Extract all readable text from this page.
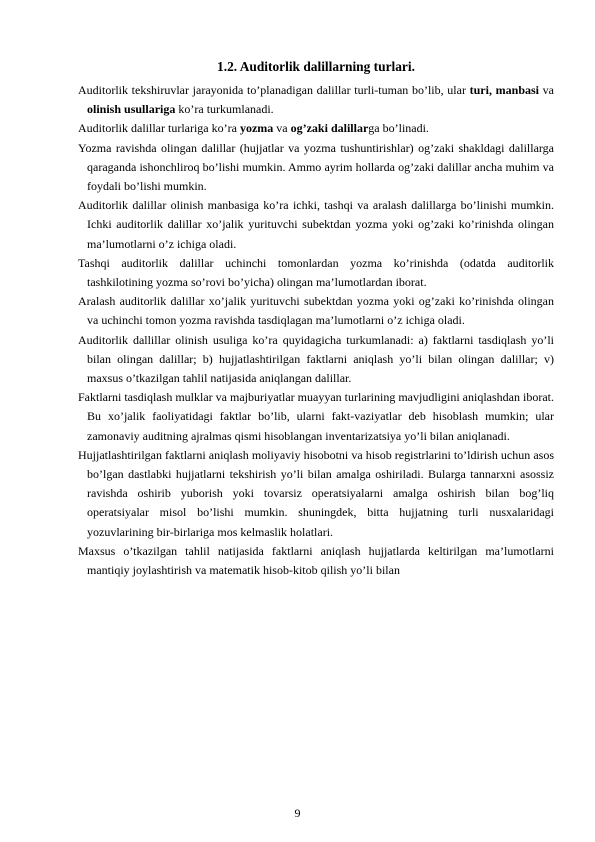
1.2. Auditorlik dalillarning turlari.

Auditorlik tekshiruvlar jarayonida to’planadigan dalillar turli-tuman bo’lib, ular turi, manbasi va olinish usullariga ko’ra turkumlanadi.

Auditorlik dalillar turlariga ko’ra yozma va og’zaki dalillarga bo’linadi.

Yozma ravishda olingan dalillar (hujjatlar va yozma tushuntirishlar) og’zaki shakldagi dalillarga qaraganda ishonchliroq bo’lishi mumkin. Ammo ayrim hollarda og’zaki dalillar ancha muhim va foydali bo’lishi mumkin.

Auditorlik dalillar olinish manbasiga ko’ra ichki, tashqi va aralash dalillarga bo’linishi mumkin. Ichki auditorlik dalillar xo’jalik yurituvchi subektdan yozma yoki og’zaki ko’rinishda olingan ma’lumotlarni o’z ichiga oladi.

Tashqi auditorlik dalillar uchinchi tomonlardan yozma ko’rinishda (odatda auditorlik tashkilotining yozma so’rovi bo’yicha) olingan ma’lumotlardan iborat.

Aralash auditorlik dalillar xo’jalik yurituvchi subektdan yozma yoki og’zaki ko’rinishda olingan va uchinchi tomon yozma ravishda tasdiqlagan ma’lumotlarni o’z ichiga oladi.

Auditorlik dallillar olinish usuliga ko’ra quyidagicha turkumlanadi: a) faktlarni tasdiqlash yo’li bilan olingan dalillar; b) hujjatlashtirilgan faktlarni aniqlash yo’li bilan olingan dalillar; v) maxsus o’tkazilgan tahlil natijasida aniqlangan dalillar.

Faktlarni tasdiqlash mulklar va majburiyatlar muayyan turlarining mavjudligini aniqlashdan iborat. Bu xo’jalik faoliyatidagi faktlar bo’lib, ularni fakt-vaziyatlar deb hisoblash mumkin; ular zamonaviy auditning ajralmas qismi hisoblangan inventarizatsiya yo’li bilan aniqlanadi.

Hujjatlashtirilgan faktlarni aniqlash moliyaviy hisobotni va hisob registrlarini to’ldirish uchun asos bo’lgan dastlabki hujjatlarni tekshirish yo’li bilan amalga oshiriladi. Bularga tannarxni asossiz ravishda oshirib yuborish yoki tovarsiz operatsiyalarni amalga oshirish bilan bog’liq operatsiyalar misol bo’lishi mumkin. shuningdek, bitta hujjatning turli nusxalaridagi yozuvlarining bir-birlariga mos kelmaslik holatlari.

Maxsus o’tkazilgan tahlil natijasida faktlarni aniqlash hujjatlarda keltirilgan ma’lumotlarni mantiqiy joylashtirish va matematik hisob-kitob qilish yo’li bilan

9
